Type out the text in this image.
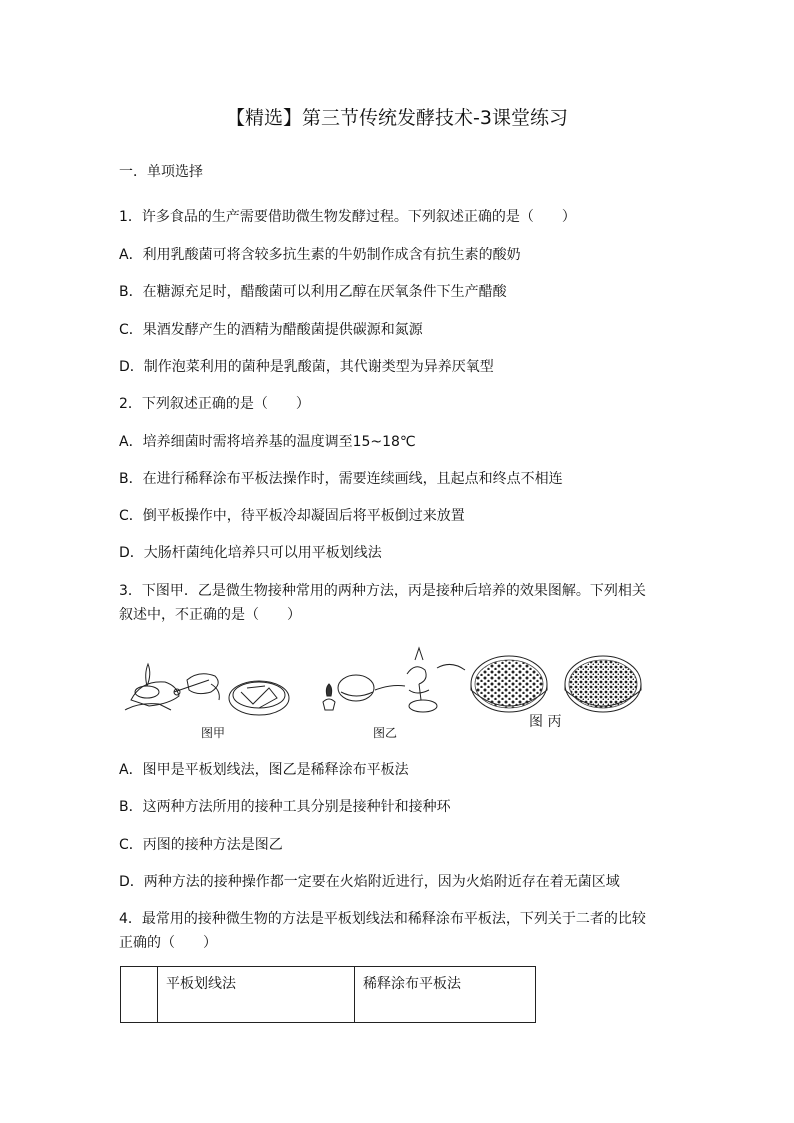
【精选】第三节传统发酵技术-3课堂练习
一．单项选择
1．许多食品的生产需要借助微生物发酵过程。下列叙述正确的是（　　）
A．利用乳酸菌可将含较多抗生素的牛奶制作成含有抗生素的酸奶
B．在糖源充足时，醋酸菌可以利用乙醇在厌氧条件下生产醋酸
C．果酒发酵产生的酒精为醋酸菌提供碳源和氮源
D．制作泡菜利用的菌种是乳酸菌，其代谢类型为异养厌氧型
2．下列叙述正确的是（　　）
A．培养细菌时需将培养基的温度调至15~18℃
B．在进行稀释涂布平板法操作时，需要连续画线，且起点和终点不相连
C．倒平板操作中，待平板冷却凝固后将平板倒过来放置
D．大肠杆菌纯化培养只可以用平板划线法
3．下图甲．乙是微生物接种常用的两种方法，丙是接种后培养的效果图解。下列相关
叙述中，不正确的是（　　）
图甲	图乙
图 丙
A．图甲是平板划线法，图乙是稀释涂布平板法
B．这两种方法所用的接种工具分别是接种针和接种环
C．丙图的接种方法是图乙
D．两种方法的接种操作都一定要在火焰附近进行，因为火焰附近存在着无菌区域
4．最常用的接种微生物的方法是平板划线法和稀释涂布平板法，下列关于二者的比较
正确的（　　）
	平板划线法	稀释涂布平板法
